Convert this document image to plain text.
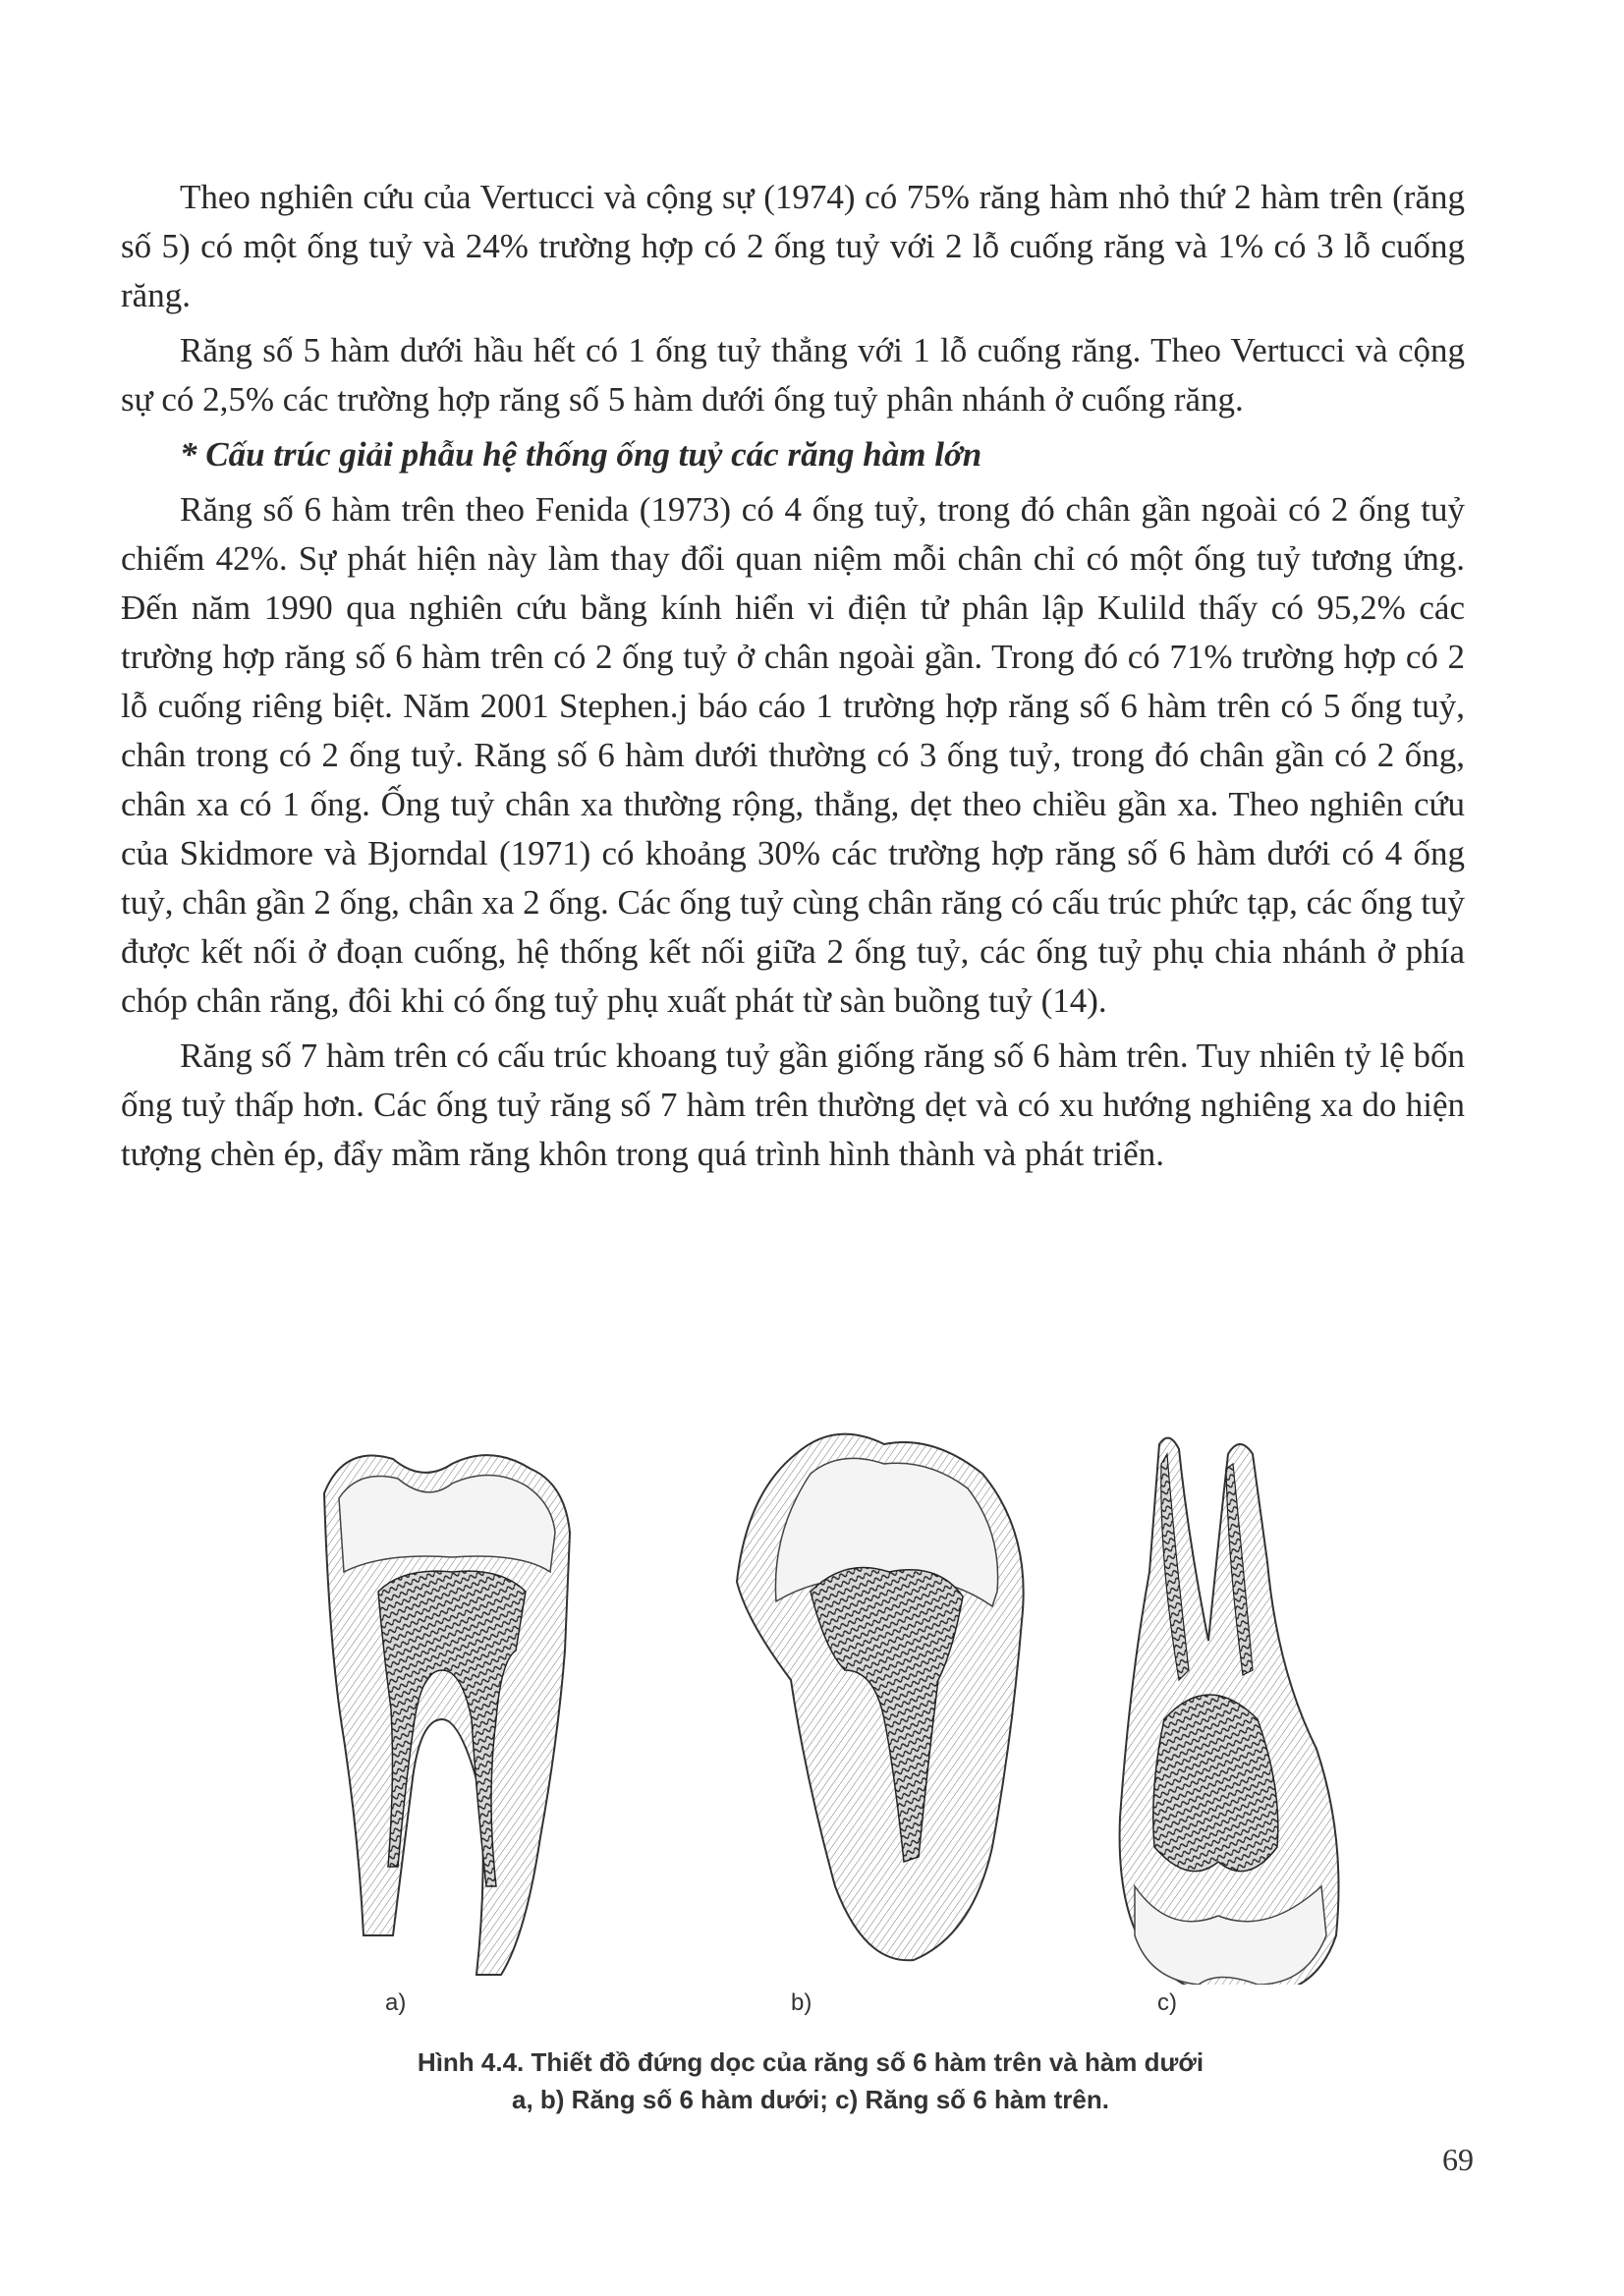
Theo nghiên cứu của Vertucci và cộng sự (1974) có 75% răng hàm nhỏ thứ 2 hàm trên (răng số 5) có một ống tuỷ và 24% trường hợp có 2 ống tuỷ với 2 lỗ cuống răng và 1% có 3 lỗ cuống răng.

Răng số 5 hàm dưới hầu hết có 1 ống tuỷ thẳng với 1 lỗ cuống răng. Theo Vertucci và cộng sự có 2,5% các trường hợp răng số 5 hàm dưới ống tuỷ phân nhánh ở cuống răng.

* Cấu trúc giải phẫu hệ thống ống tuỷ các răng hàm lớn

Răng số 6 hàm trên theo Fenida (1973) có 4 ống tuỷ, trong đó chân gần ngoài có 2 ống tuỷ chiếm 42%. Sự phát hiện này làm thay đổi quan niệm mỗi chân chỉ có một ống tuỷ tương ứng. Đến năm 1990 qua nghiên cứu bằng kính hiển vi điện tử phân lập Kulild thấy có 95,2% các trường hợp răng số 6 hàm trên có 2 ống tuỷ ở chân ngoài gần. Trong đó có 71% trường hợp có 2 lỗ cuống riêng biệt. Năm 2001 Stephen.j báo cáo 1 trường hợp răng số 6 hàm trên có 5 ống tuỷ, chân trong có 2 ống tuỷ. Răng số 6 hàm dưới thường có 3 ống tuỷ, trong đó chân gần có 2 ống, chân xa có 1 ống. Ống tuỷ chân xa thường rộng, thẳng, dẹt theo chiều gần xa. Theo nghiên cứu của Skidmore và Bjorndal (1971) có khoảng 30% các trường hợp răng số 6 hàm dưới có 4 ống tuỷ, chân gần 2 ống, chân xa 2 ống. Các ống tuỷ cùng chân răng có cấu trúc phức tạp, các ống tuỷ được kết nối ở đoạn cuống, hệ thống kết nối giữa 2 ống tuỷ, các ống tuỷ phụ chia nhánh ở phía chóp chân răng, đôi khi có ống tuỷ phụ xuất phát từ sàn buồng tuỷ (14).

Răng số 7 hàm trên có cấu trúc khoang tuỷ gần giống răng số 6 hàm trên. Tuy nhiên tỷ lệ bốn ống tuỷ thấp hơn. Các ống tuỷ răng số 7 hàm trên thường dẹt và có xu hướng nghiêng xa do hiện tượng chèn ép, đẩy mầm răng khôn trong quá trình hình thành và phát triển.

a)	b)	c)
Hình 4.4. Thiết đồ đứng dọc của răng số 6 hàm trên và hàm dưới
a, b) Răng số 6 hàm dưới; c) Răng số 6 hàm trên.
69
